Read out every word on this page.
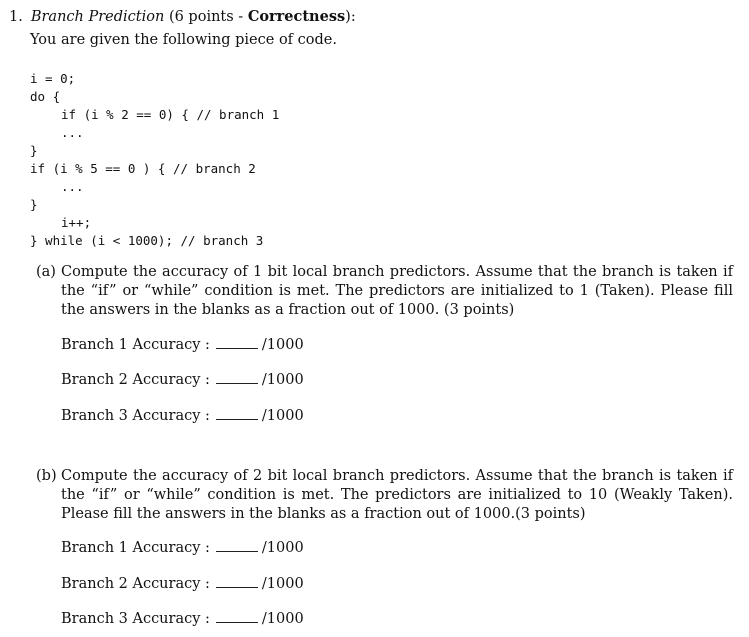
1. Branch Prediction (6 points - Correctness):
You are given the following piece of code.
i = 0;
do {
if (i % 2 == 0) { // branch 1
...
}
if (i % 5 == 0 ) { // branch 2
...
}
i++;
} while (i < 1000); // branch 3
(a) Compute the accuracy of 1 bit local branch predictors. Assume that the branch is taken if the “if” or “while” condition is met. The predictors are initialized to 1 (Taken). Please fill the answers in the blanks as a fraction out of 1000. (3 points)
Branch 1 Accuracy :	/1000
Branch 2 Accuracy :	/1000
Branch 3 Accuracy :	/1000
(b) Compute the accuracy of 2 bit local branch predictors. Assume that the branch is taken if the “if” or “while” condition is met. The predictors are initialized to 10 (Weakly Taken). Please fill the answers in the blanks as a fraction out of 1000.(3 points)
Branch 1 Accuracy :	/1000
Branch 2 Accuracy :	/1000
Branch 3 Accuracy :	/1000
